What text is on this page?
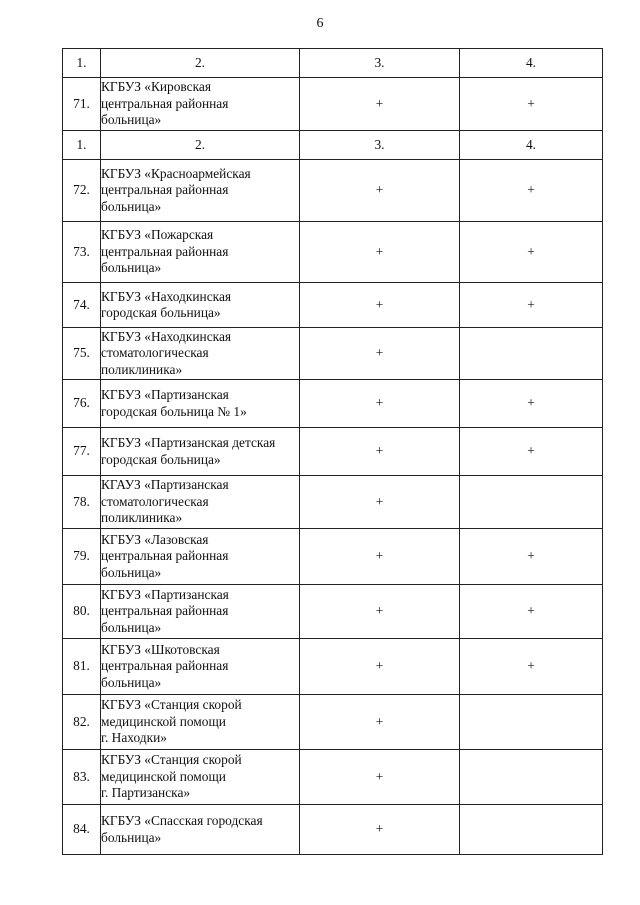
6
1.	2.	3.	4.
71.	КГБУЗ «Кировская
центральная районная
больница»	+	+
1.	2.	3.	4.
72.	КГБУЗ «Красноармейская
центральная районная
больница»	+	+
73.	КГБУЗ «Пожарская
центральная районная
больница»	+	+
74.	КГБУЗ «Находкинская
городская больница»	+	+
75.	КГБУЗ «Находкинская
стоматологическая
поликлиника»	+	
76.	КГБУЗ «Партизанская
городская больница № 1»	+	+
77.	КГБУЗ «Партизанская детская
городская больница»	+	+
78.	КГАУЗ «Партизанская
стоматологическая
поликлиника»	+	
79.	КГБУЗ «Лазовская
центральная районная
больница»	+	+
80.	КГБУЗ «Партизанская
центральная районная
больница»	+	+
81.	КГБУЗ «Шкотовская
центральная районная
больница»	+	+
82.	КГБУЗ «Станция скорой
медицинской помощи
г. Находки»	+	
83.	КГБУЗ «Станция скорой
медицинской помощи
г. Партизанска»	+	
84.	КГБУЗ «Спасская городская
больница»	+	
